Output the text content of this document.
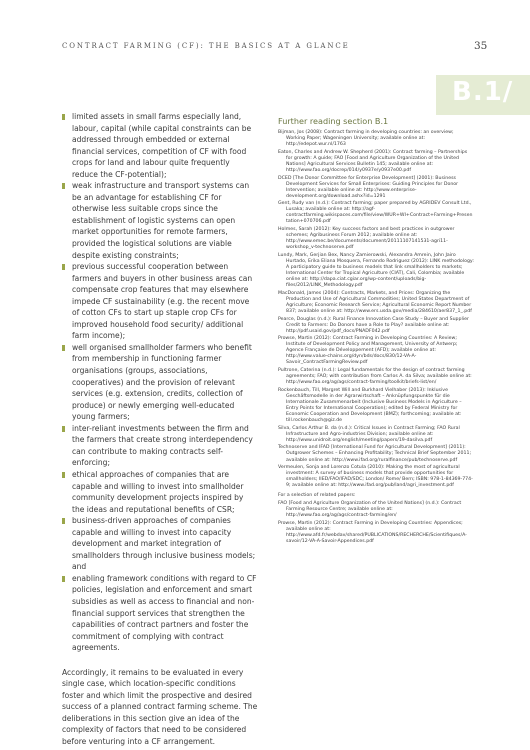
CONTRACT FARMING (CF): THE BASICS AT A GLANCE	35
B.1/
limited assets in small farms especially land, labour, capital (while capital constraints can be addressed through embedded or external financial services, competition of CF with food crops for land and labour quite frequently reduce the CF-potential);
weak infrastructure and transport systems can be an advantage for establishing CF for otherwise less suitable crops since the establishment of logistic systems can open market opportunities for remote farmers, provided the logistical solutions are viable despite existing constraints;
previous successful cooperation between farmers and buyers in other business areas can compensate crop features that may elsewhere impede CF sustainability (e.g. the recent move of cotton CFs to start up staple crop CFs for improved household food security/ additional farm income);
well organised smallholder farmers who benefit from membership in functioning farmer organisations (groups, associations, cooperatives) and the provision of relevant services (e.g. extension, credits, collection of produce) or newly emerging well-educated young farmers;
inter-reliant investments between the firm and the farmers that create strong interdependency can contribute to making contracts self-enforcing;
ethical approaches of companies that are capable and willing to invest into smallholder community development projects inspired by the ideas and reputational benefits of CSR;
business-driven approaches of companies capable and willing to invest into capacity development and market integration of smallholders through inclusive business models; and
enabling framework conditions with regard to CF policies, legislation and enforcement and smart subsidies as well as access to financial and non-financial support services that strengthen the capabilities of contract partners and foster the commitment of complying with contract agreements.

Accordingly, it remains to be evaluated in every single case, which location-specific conditions foster and which limit the prospective and desired success of a planned contract farming scheme. The deliberations in this section give an idea of the complexity of factors that need to be considered before venturing into a CF arrangement.

Further reading section B.1
Bijman, Jos (2008): Contract farming in developing countries: an overview; Working Paper; Wageningen University; available online at: http://edepot.wur.nl/1763
Eaton, Charles and Andrew W. Shepherd (2001): Contract farming – Partnerships for growth: A guide; FAO [Food and Agriculture Organization of the United Nations] Agricultural Services Bulletin 145; available online at: http://www.fao.org/docrep/014/y0937e/y0937e00.pdf
DCED [The Donor Committee for Enterprise Development] (2001): Business Development Services for Small Enterprises: Guiding Principles for Donor Intervention; available online at: http://www.enterprise-development.org/download.ashx?id=1291
Gent, Rudy van (n.d.): Contract farming; paper prepared by AGRIDEV Consult Ltd., Lusaka; available online at: http://agf-contractfarming.wikispaces.com/file/view/WUR+WI+Contract+Farming+Presentation+070706.pdf
Holmes, Sarah (2012): Key success factors and best practices in outgrower schemes; Agribusiness Forum 2012; available online at: http://www.emec.be/documents/document/20111107141531-agri11-workshop_v-technoserve.pdf
Lundy, Mark, Gerjian Bex, Nancy Zamierowski, Alexandra Amrein, John Jairo Hurtado, Erika Eliana Mosquera, Fernando Rodriguez (2012): LINK methodology: A participatory guide to business models that link smallholders to markets; International Center for Tropical Agriculture (CIAT), Cali, Colombia; available online at: http://dapa.ciat.cgiar.org/wp-content/uploads/big-files/2012/LINK_Methodology.pdf
MacDonald, James (2004): Contracts, Markets, and Prices: Organizing the Production and Use of Agricultural Commodities; United States Department of Agriculture; Economic Research Service; Agricultural Economic Report Number 837; available online at: http://www.ers.usda.gov/media/284610/aer837_1_.pdf
Pearce, Douglas (n.d.): Rural Finance Innovation Case Study – Buyer and Supplier Credit to Farmers: Do Donors have a Role to Play? available online at: http://pdf.usaid.gov/pdf_docs/PNADF042.pdf
Prowse, Martin (2012): Contract Farming in Developing Countries: A Review; Institute of Development Policy and Management, University of Antwerp; Agence Française de Développement (AFD); available online at: http://www.value-chains.org/dyn/bds/docs/830/12-VA-A-Savoir_ContractFarmingReview.pdf
Pultrone, Caterina (n.d.): Legal fundamentals for the design of contract farming agreements; FAO; with contribution from Carlos A. da Silva; available online at: http://www.fao.org/ag/ags/contract-farming/toolkit/briefs-list/en/
Rockenbauch, Till, Margret Will and Burkhard Vielhaber (2013): Inklusive Geschäftsmodelle in der Agrarwirtschaft – Anknüpfungspunkte für die Internationale Zusammenarbeit (Inclusive Business Models in Agriculture – Entry Points for International Cooperation); edited by Federal Ministry for Economic Cooperation and Development (BMZ); forthcoming; available at: till.rockenbauch@giz.de
Silva, Carlos Arthur B. da (n.d.): Critical Issues in Contract Farming; FAO Rural Infrastructure and Agro-industries Division; available online at: http://www.unidroit.org/english/meeting/papers/19-dasilva.pdf
Technoserve and IFAD [International Fund for Agricultural Development] (2011): Outgrower Schemes – Enhancing Profitability; Technical Brief September 2011; available online at: http://www.ifad.org/ruralfinance/pub/technoserve.pdf
Vermeulen, Sonja and Lorenzo Cotula (2010): Making the most of agricultural investment: A survey of business models that provide opportunities for smallholders; IIED/FAO/IFAD/SDC; London/ Rome/ Bern; ISBN: 978-1-84369-774-9; available online at: http://www.ifad.org/pub/land/agri_investment.pdf
For a selection of related papers:
FAO [Food and Agriculture Organization of the United Nations] (n.d.): Contract Farming Resource Centre; available online at: http://www.fao.org/ag/ags/contract-farming/en/
Prowse, Martin (2012): Contract Farming in Developing Countries: Appendices; available online at: http://www.afd.fr/webdav/shared/PUBLICATIONS/RECHERCHE/Scientifiques/A-savoir/12-VA-A-Savoir-Appendices.pdf
